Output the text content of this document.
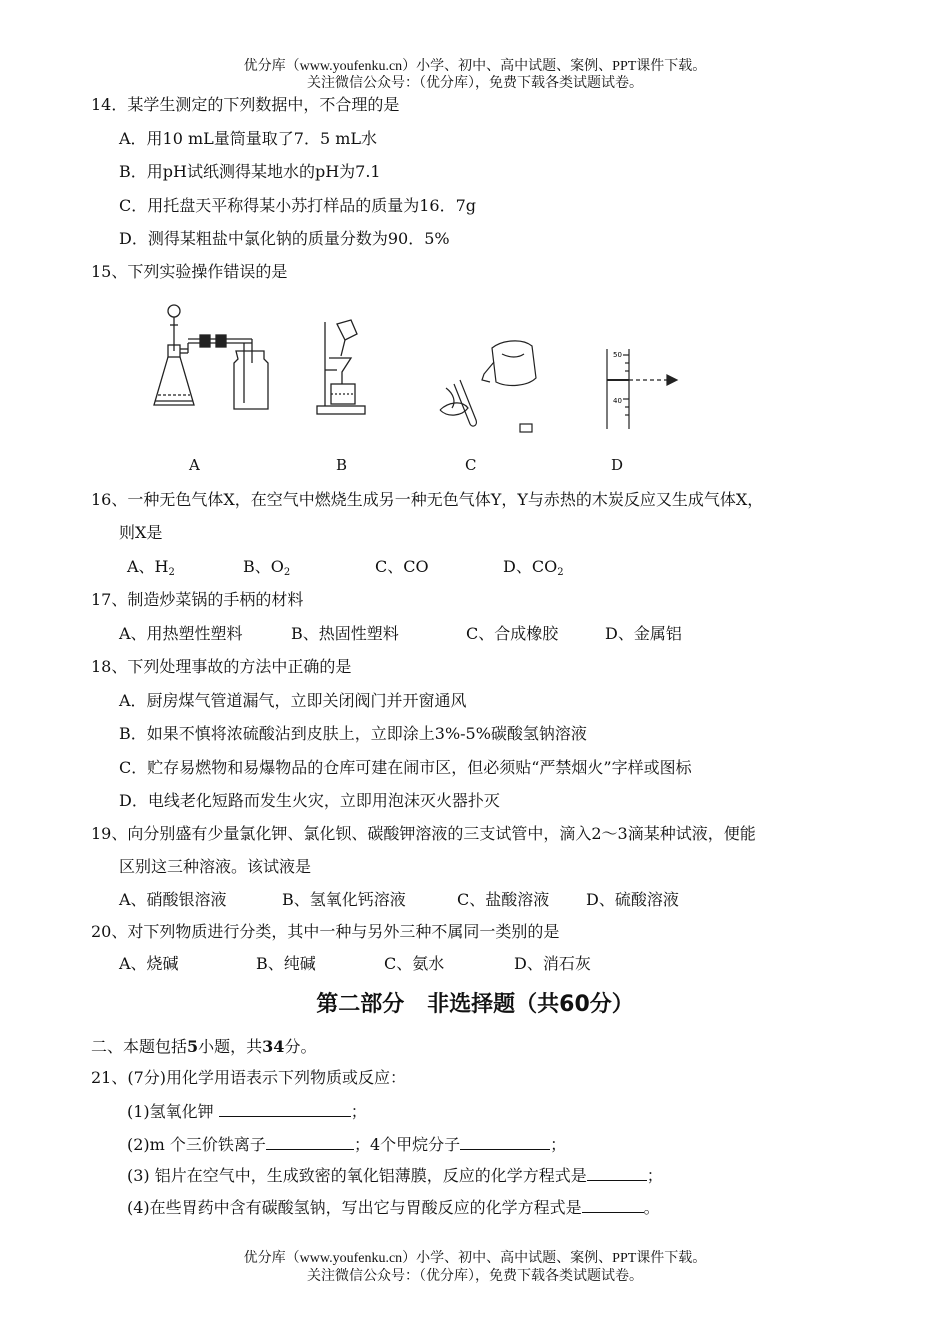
优分库（www.youfenku.cn）小学、初中、高中试题、案例、PPT课件下载。
关注微信公众号：（优分库），免费下载各类试题试卷。
14．某学生测定的下列数据中，不合理的是
A．用10 mL量筒量取了7．5 mL水
B．用pH试纸测得某地水的pH为7.1
C．用托盘天平称得某小苏打样品的质量为16．7g
D．测得某粗盐中氯化钠的质量分数为90．5%
15、下列实验操作错误的是
50
40
A	B	C	D
16、一种无色气体X，在空气中燃烧生成另一种无色气体Y，Y与赤热的木炭反应又生成气体X，
则X是
A、$H_2$	B、$O_2$	C、CO	D、$CO_2$
17、制造炒菜锅的手柄的材料
A、用热塑性塑料	B、热固性塑料	C、合成橡胶	D、金属铝
18、下列处理事故的方法中正确的是
A．厨房煤气管道漏气，立即关闭阀门并开窗通风
B．如果不慎将浓硫酸沾到皮肤上，立即涂上3%-5%碳酸氢钠溶液
C．贮存易燃物和易爆物品的仓库可建在闹市区，但必须贴“严禁烟火”字样或图标
D．电线老化短路而发生火灾，立即用泡沫灭火器扑灭
19、向分别盛有少量氯化钾、氯化钡、碳酸钾溶液的三支试管中，滴入2～3滴某种试液，便能
区别这三种溶液。该试液是
A、硝酸银溶液	B、氢氧化钙溶液	C、盐酸溶液 D、硫酸溶液
20、对下列物质进行分类，其中一种与另外三种不属同一类别的是
A、烧碱	B、纯碱	C、氨水	D、消石灰
第二部分   非选择题（共60分）
二、本题包括5小题，共34分。
21、(7分)用化学用语表示下列物质或反应：
(1)氢氧化钾	；
(2)m 个三价铁离子	；4个甲烷分子	；
(3) 铝片在空气中，生成致密的氧化铝薄膜，反应的化学方程式是	；
(4)在些胃药中含有碳酸氢钠，写出它与胃酸反应的化学方程式是	。
优分库（www.youfenku.cn）小学、初中、高中试题、案例、PPT课件下载。
关注微信公众号：（优分库），免费下载各类试题试卷。
